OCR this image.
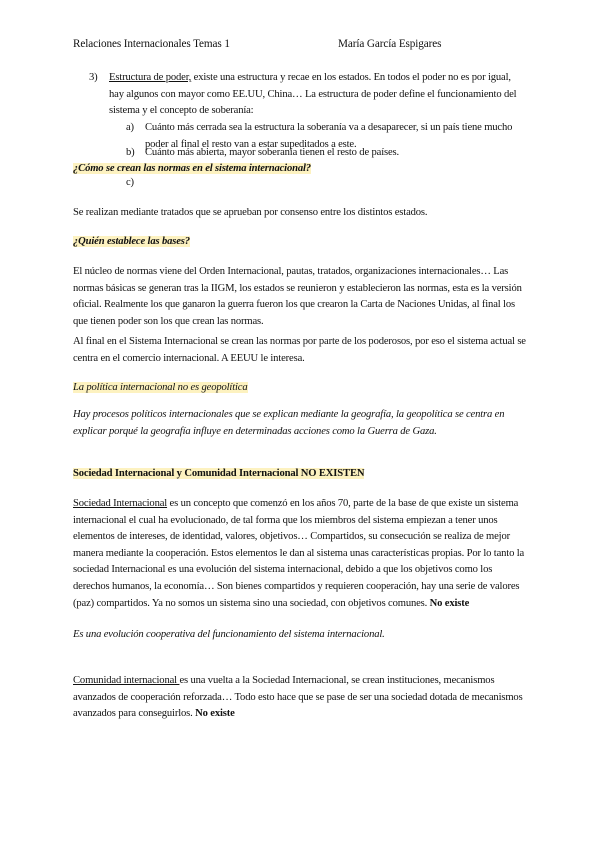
Relaciones Internacionales Temas 1	María García Espigares
3) Estructura de poder, existe una estructura y recae en los estados. En todos el poder no es por igual, hay algunos con mayor como EE.UU, China… La estructura de poder define el funcionamiento del sistema y el concepto de soberanía:
a) Cuánto más cerrada sea la estructura la soberanía va a desaparecer, si un país tiene mucho poder al final el resto van a estar supeditados a este.
b) Cuánto más abierta, mayor soberanía tienen el resto de países.
¿Cómo se crean las normas en el sistema internacional?
c)
Se realizan mediante tratados que se aprueban por consenso entre los distintos estados.
¿Quién establece las bases?
El núcleo de normas viene del Orden Internacional, pautas, tratados, organizaciones internacionales… Las normas básicas se generan tras la IIGM, los estados se reunieron y establecieron las normas, esta es la versión oficial. Realmente los que ganaron la guerra fueron los que crearon la Carta de Naciones Unidas, al final los que tienen poder son los que crean las normas.
Al final en el Sistema Internacional se crean las normas por parte de los poderosos, por eso el sistema actual se centra en el comercio internacional. A EEUU le interesa.
La política internacional no es geopolítica
Hay procesos políticos internacionales que se explican mediante la geografía, la geopolítica se centra en explicar porqué la geografía influye en determinadas acciones como la Guerra de Gaza.
Sociedad Internacional y Comunidad Internacional NO EXISTEN
Sociedad Internacional es un concepto que comenzó en los años 70, parte de la base de que existe un sistema internacional el cual ha evolucionado, de tal forma que los miembros del sistema empiezan a tener unos elementos de intereses, de identidad, valores, objetivos… Compartidos, su consecución se realiza de mejor manera mediante la cooperación. Estos elementos le dan al sistema unas características propias. Por lo tanto la sociedad Internacional es una evolución del sistema internacional, debido a que los objetivos como los derechos humanos, la economía… Son bienes compartidos y requieren cooperación, hay una serie de valores (paz) compartidos. Ya no somos un sistema sino una sociedad, con objetivos comunes. No existe
Es una evolución cooperativa del funcionamiento del sistema internacional.
Comunidad internacional es una vuelta a la Sociedad Internacional, se crean instituciones, mecanismos avanzados de cooperación reforzada… Todo esto hace que se pase de ser una sociedad dotada de mecanismos avanzados para conseguirlos. No existe
